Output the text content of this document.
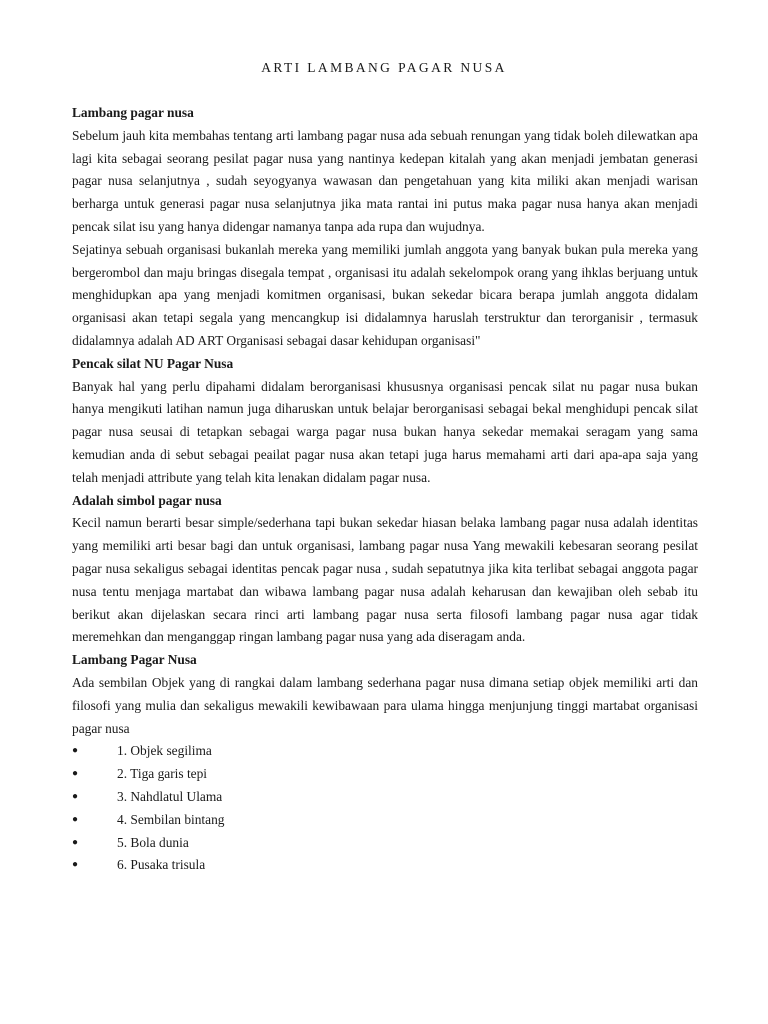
ARTI LAMBANG PAGAR NUSA

Lambang pagar nusa

Sebelum jauh kita membahas tentang arti lambang pagar nusa ada sebuah renungan yang tidak boleh dilewatkan apa lagi kita sebagai seorang pesilat pagar nusa yang nantinya kedepan kitalah yang akan menjadi jembatan generasi pagar nusa selanjutnya , sudah seyogyanya wawasan dan pengetahuan yang kita miliki akan menjadi warisan berharga untuk generasi pagar nusa selanjutnya jika mata rantai ini putus maka pagar nusa hanya akan menjadi pencak silat isu yang hanya didengar namanya tanpa ada rupa dan wujudnya.

Sejatinya sebuah organisasi bukanlah mereka yang memiliki jumlah anggota yang banyak bukan pula mereka yang bergerombol dan maju bringas disegala tempat , organisasi itu adalah sekelompok orang yang ihklas berjuang untuk menghidupkan apa yang menjadi komitmen organisasi, bukan sekedar bicara berapa jumlah anggota didalam organisasi akan tetapi segala yang mencangkup isi didalamnya haruslah terstruktur dan terorganisir , termasuk didalamnya adalah AD ART Organisasi sebagai dasar kehidupan organisasi"

Pencak silat NU Pagar Nusa

Banyak hal yang perlu dipahami didalam berorganisasi khususnya organisasi pencak silat nu pagar nusa bukan hanya mengikuti latihan namun juga diharuskan untuk belajar berorganisasi sebagai bekal menghidupi pencak silat pagar nusa seusai di tetapkan sebagai warga pagar nusa bukan hanya sekedar memakai seragam yang sama kemudian anda di sebut sebagai peailat pagar nusa akan tetapi juga harus memahami arti dari apa-apa saja yang telah menjadi attribute yang telah kita lenakan didalam pagar nusa.

Adalah simbol pagar nusa

Kecil namun berarti besar simple/sederhana tapi bukan sekedar hiasan belaka lambang pagar nusa adalah identitas yang memiliki arti besar bagi dan untuk organisasi, lambang pagar nusa Yang mewakili kebesaran seorang pesilat pagar nusa sekaligus sebagai identitas pencak pagar nusa , sudah sepatutnya jika kita terlibat sebagai anggota pagar nusa tentu menjaga martabat dan wibawa lambang pagar nusa adalah keharusan dan kewajiban oleh sebab itu berikut akan dijelaskan secara rinci arti lambang pagar nusa serta filosofi lambang pagar nusa agar tidak meremehkan dan menganggap ringan lambang pagar nusa yang ada diseragam anda.

Lambang Pagar Nusa

Ada sembilan Objek yang di rangkai dalam lambang sederhana pagar nusa dimana setiap objek memiliki arti dan filosofi yang mulia dan sekaligus mewakili kewibawaan para ulama hingga menjunjung tinggi martabat organisasi pagar nusa

●	1. Objek segilima
●	2. Tiga garis tepi
●	3. Nahdlatul Ulama
●	4. Sembilan bintang
●	5. Bola dunia
●	6. Pusaka trisula
